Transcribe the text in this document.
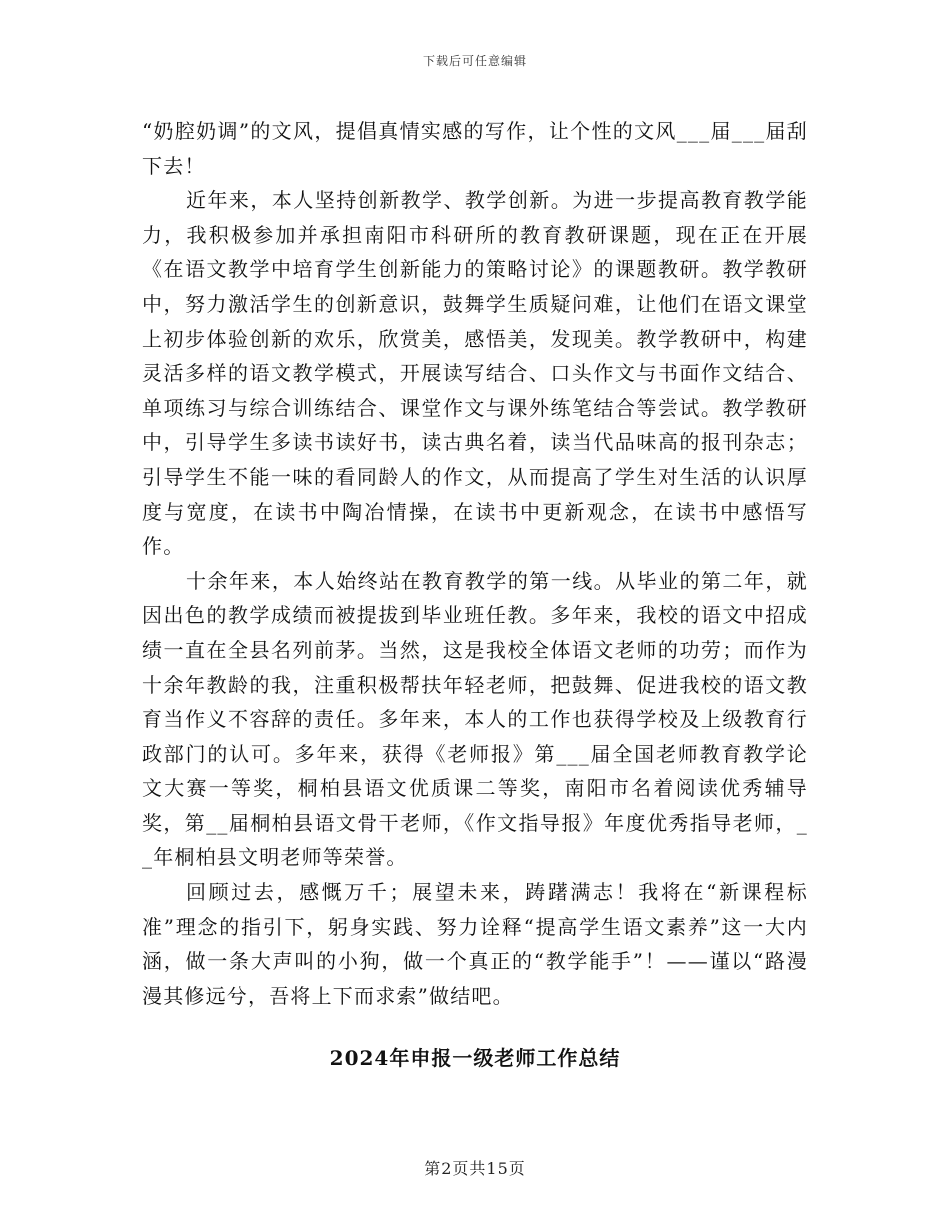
下载后可任意编辑

“奶腔奶调”的文风，提倡真情实感的写作，让个性的文风___届___届刮下去！

近年来，本人坚持创新教学、教学创新。为进一步提高教育教学能力，我积极参加并承担南阳市科研所的教育教研课题，现在正在开展《在语文教学中培育学生创新能力的策略讨论》的课题教研。教学教研中，努力激活学生的创新意识，鼓舞学生质疑问难，让他们在语文课堂上初步体验创新的欢乐，欣赏美，感悟美，发现美。教学教研中，构建灵活多样的语文教学模式，开展读写结合、口头作文与书面作文结合、单项练习与综合训练结合、课堂作文与课外练笔结合等尝试。教学教研中，引导学生多读书读好书，读古典名着，读当代品味高的报刊杂志；引导学生不能一味的看同龄人的作文，从而提高了学生对生活的认识厚度与宽度，在读书中陶冶情操，在读书中更新观念，在读书中感悟写作。

十余年来，本人始终站在教育教学的第一线。从毕业的第二年，就因出色的教学成绩而被提拔到毕业班任教。多年来，我校的语文中招成绩一直在全县名列前茅。当然，这是我校全体语文老师的功劳；而作为十余年教龄的我，注重积极帮扶年轻老师，把鼓舞、促进我校的语文教育当作义不容辞的责任。多年来，本人的工作也获得学校及上级教育行政部门的认可。多年来，获得《老师报》第___届全国老师教育教学论文大赛一等奖，桐柏县语文优质课二等奖，南阳市名着阅读优秀辅导奖，第__届桐柏县语文骨干老师，《作文指导报》年度优秀指导老师，__年桐柏县文明老师等荣誉。

回顾过去，感慨万千；展望未来，踌躇满志！我将在“新课程标准”理念的指引下，躬身实践、努力诠释“提高学生语文素养”这一大内涵，做一条大声叫的小狗，做一个真正的“教学能手”！——谨以“路漫漫其修远兮，吾将上下而求索”做结吧。

2024年申报一级老师工作总结
第2页共15页
